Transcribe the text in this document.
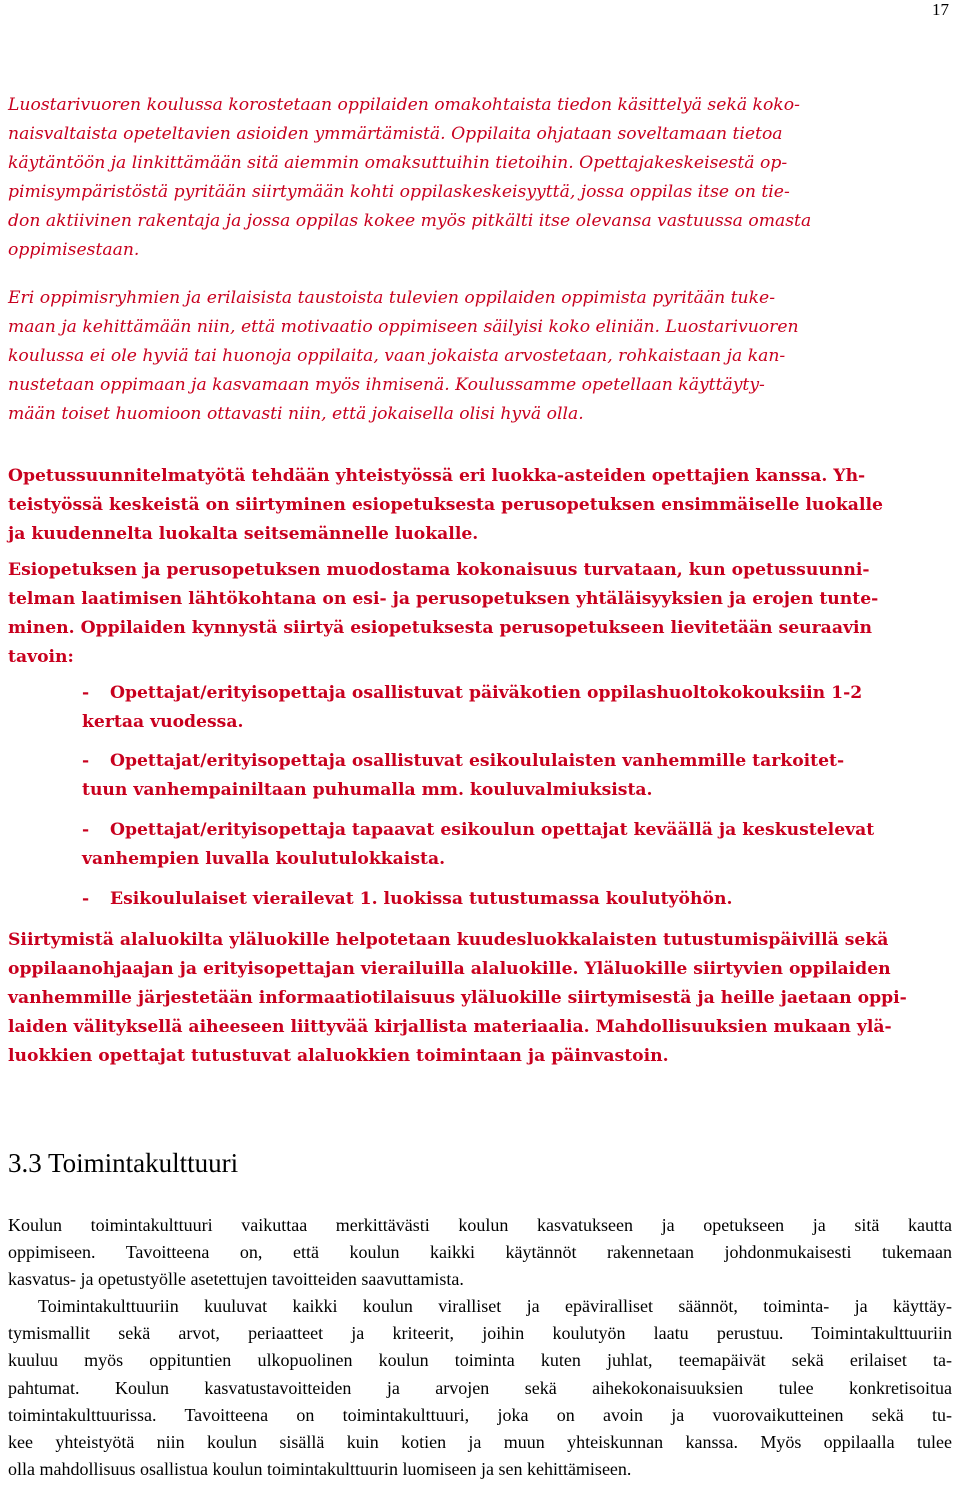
17
Luostarivuoren koulussa korostetaan oppilaiden omakohtaista tiedon käsittelyä sekä koko-
naisvaltaista opeteltavien asioiden ymmärtämistä. Oppilaita ohjataan soveltamaan tietoa
käytäntöön ja linkittämään sitä aiemmin omaksuttuihin tietoihin. Opettajakeskeisestä op-
pimisympäristöstä pyritään siirtymään kohti oppilaskeskeisyyttä, jossa oppilas itse on tie-
don aktiivinen rakentaja ja jossa oppilas kokee myös pitkälti itse olevansa vastuussa omasta
oppimisestaan.
Eri oppimisryhmien ja erilaisista taustoista tulevien oppilaiden oppimista pyritään tuke-
maan ja kehittämään niin, että motivaatio oppimiseen säilyisi koko eliniän. Luostarivuoren
koulussa ei ole hyviä tai huonoja oppilaita, vaan jokaista arvostetaan, rohkaistaan ja kan-
nustetaan oppimaan ja kasvamaan myös ihmisenä. Koulussamme opetellaan käyttäyty-
mään toiset huomioon ottavasti niin, että jokaisella olisi hyvä olla.
Opetussuunnitelmatyötä tehdään yhteistyössä eri luokka-asteiden opettajien kanssa. Yh-
teistyössä keskeistä on siirtyminen esiopetuksesta perusopetuksen ensimmäiselle luokalle
ja kuudennelta luokalta seitsemännelle luokalle.
Esiopetuksen ja perusopetuksen muodostama kokonaisuus turvataan, kun opetussuunni-
telman laatimisen lähtökohtana on esi- ja perusopetuksen yhtäläisyyksien ja erojen tunte-
minen. Oppilaiden kynnystä siirtyä esiopetuksesta perusopetukseen lievitetään seuraavin
tavoin:
- Opettajat/erityisopettaja osallistuvat päiväkotien oppilashuoltokokouksiin 1-2
kertaa vuodessa.
- Opettajat/erityisopettaja osallistuvat esikoululaisten vanhemmille tarkoitet-
tuun vanhempainiltaan puhumalla mm. kouluvalmiuksista.
- Opettajat/erityisopettaja tapaavat esikoulun opettajat keväällä ja keskustelevat
vanhempien luvalla koulutulokkaista.
- Esikoululaiset vierailevat 1. luokissa tutustumassa koulutyöhön.
Siirtymistä alaluokilta yläluokille helpotetaan kuudesluokkalaisten tutustumispäivillä sekä
oppilaanohjaajan ja erityisopettajan vierailuilla alaluokille. Yläluokille siirtyvien oppilaiden
vanhemmille järjestetään informaatiotilaisuus yläluokille siirtymisestä ja heille jaetaan oppi-
laiden välityksellä aiheeseen liittyvää kirjallista materiaalia. Mahdollisuuksien mukaan ylä-
luokkien opettajat tutustuvat alaluokkien toimintaan ja päinvastoin.
3.3 Toimintakulttuuri
Koulun toimintakulttuuri vaikuttaa merkittävästi koulun kasvatukseen ja opetukseen ja sitä kautta
oppimiseen. Tavoitteena on, että koulun kaikki käytännöt rakennetaan johdonmukaisesti tukemaan
kasvatus- ja opetustyölle asetettujen tavoitteiden saavuttamista.
Toimintakulttuuriin kuuluvat kaikki koulun viralliset ja epäviralliset säännöt, toiminta- ja käyttäy-
tymismallit sekä arvot, periaatteet ja kriteerit, joihin koulutyön laatu perustuu. Toimintakulttuuriin
kuuluu myös oppituntien ulkopuolinen koulun toiminta kuten juhlat, teemapäivät sekä erilaiset ta-
pahtumat. Koulun kasvatustavoitteiden ja arvojen sekä aihekokonaisuuksien tulee konkretisoitua
toimintakulttuurissa. Tavoitteena on toimintakulttuuri, joka on avoin ja vuorovaikutteinen sekä tu-
kee yhteistyötä niin koulun sisällä kuin kotien ja muun yhteiskunnan kanssa. Myös oppilaalla tulee
olla mahdollisuus osallistua koulun toimintakulttuurin luomiseen ja sen kehittämiseen.
